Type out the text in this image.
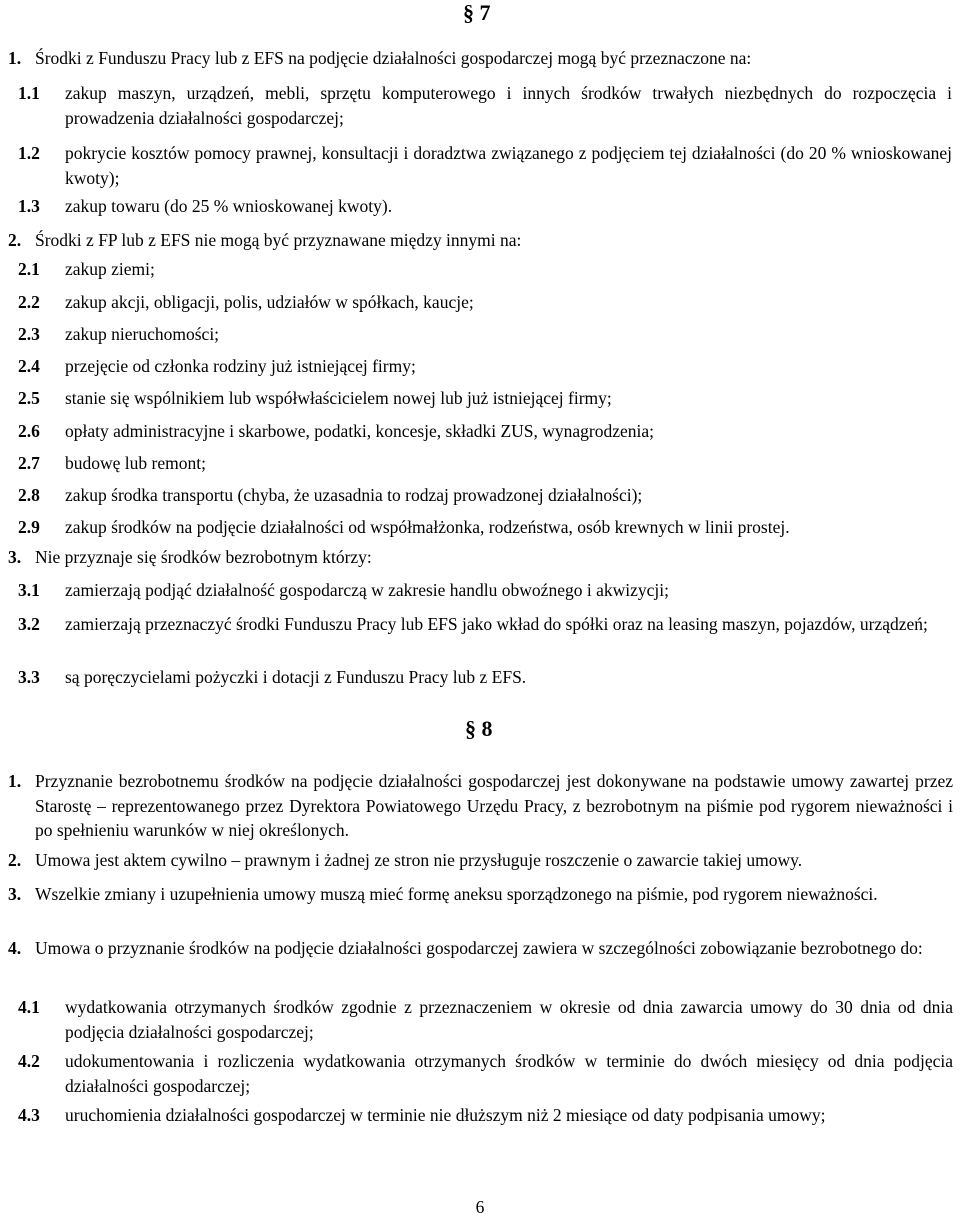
§ 7
1. Środki z Funduszu Pracy lub z EFS na podjęcie działalności gospodarczej mogą być przeznaczone na:
1.1 zakup maszyn, urządzeń, mebli, sprzętu komputerowego i innych środków trwałych niezbędnych do rozpoczęcia i prowadzenia działalności gospodarczej;
1.2 pokrycie kosztów pomocy prawnej, konsultacji i doradztwa związanego z podjęciem tej działalności (do 20 % wnioskowanej kwoty);
1.3 zakup towaru (do 25 % wnioskowanej kwoty).
2. Środki z FP lub z EFS nie mogą być przyznawane między innymi na:
2.1 zakup ziemi;
2.2 zakup akcji, obligacji, polis, udziałów w spółkach, kaucje;
2.3 zakup nieruchomości;
2.4 przejęcie od członka rodziny już istniejącej firmy;
2.5 stanie się wspólnikiem lub współwłaścicielem nowej lub już istniejącej firmy;
2.6 opłaty administracyjne i skarbowe, podatki, koncesje, składki ZUS, wynagrodzenia;
2.7 budowę lub remont;
2.8 zakup środka transportu (chyba, że uzasadnia to rodzaj prowadzonej działalności);
2.9 zakup środków na podjęcie działalności od współmałżonka, rodzeństwa, osób krewnych w linii prostej.
3. Nie przyznaje się środków bezrobotnym którzy:
3.1 zamierzają podjąć działalność gospodarczą w zakresie handlu obwoźnego i akwizycji;
3.2 zamierzają przeznaczyć środki Funduszu Pracy lub EFS jako wkład do spółki oraz na leasing maszyn, pojazdów, urządzeń;
3.3 są poręczycielami pożyczki i dotacji z Funduszu Pracy lub z EFS.
§ 8
1. Przyznanie bezrobotnemu środków na podjęcie działalności gospodarczej jest dokonywane na podstawie umowy zawartej przez Starostę – reprezentowanego przez Dyrektora Powiatowego Urzędu Pracy, z bezrobotnym na piśmie pod rygorem nieważności i po spełnieniu warunków w niej określonych.
2. Umowa jest aktem cywilno – prawnym i żadnej ze stron nie przysługuje roszczenie o zawarcie takiej umowy.
3. Wszelkie zmiany i uzupełnienia umowy muszą mieć formę aneksu sporządzonego na piśmie, pod rygorem nieważności.
4. Umowa o przyznanie środków na podjęcie działalności gospodarczej zawiera w szczególności zobowiązanie bezrobotnego do:
4.1 wydatkowania otrzymanych środków zgodnie z przeznaczeniem w okresie od dnia zawarcia umowy do 30 dnia od dnia podjęcia działalności gospodarczej;
4.2 udokumentowania i rozliczenia wydatkowania otrzymanych środków w terminie do dwóch miesięcy od dnia podjęcia działalności gospodarczej;
4.3 uruchomienia działalności gospodarczej w terminie nie dłuższym niż 2 miesiące od daty podpisania umowy;
6
